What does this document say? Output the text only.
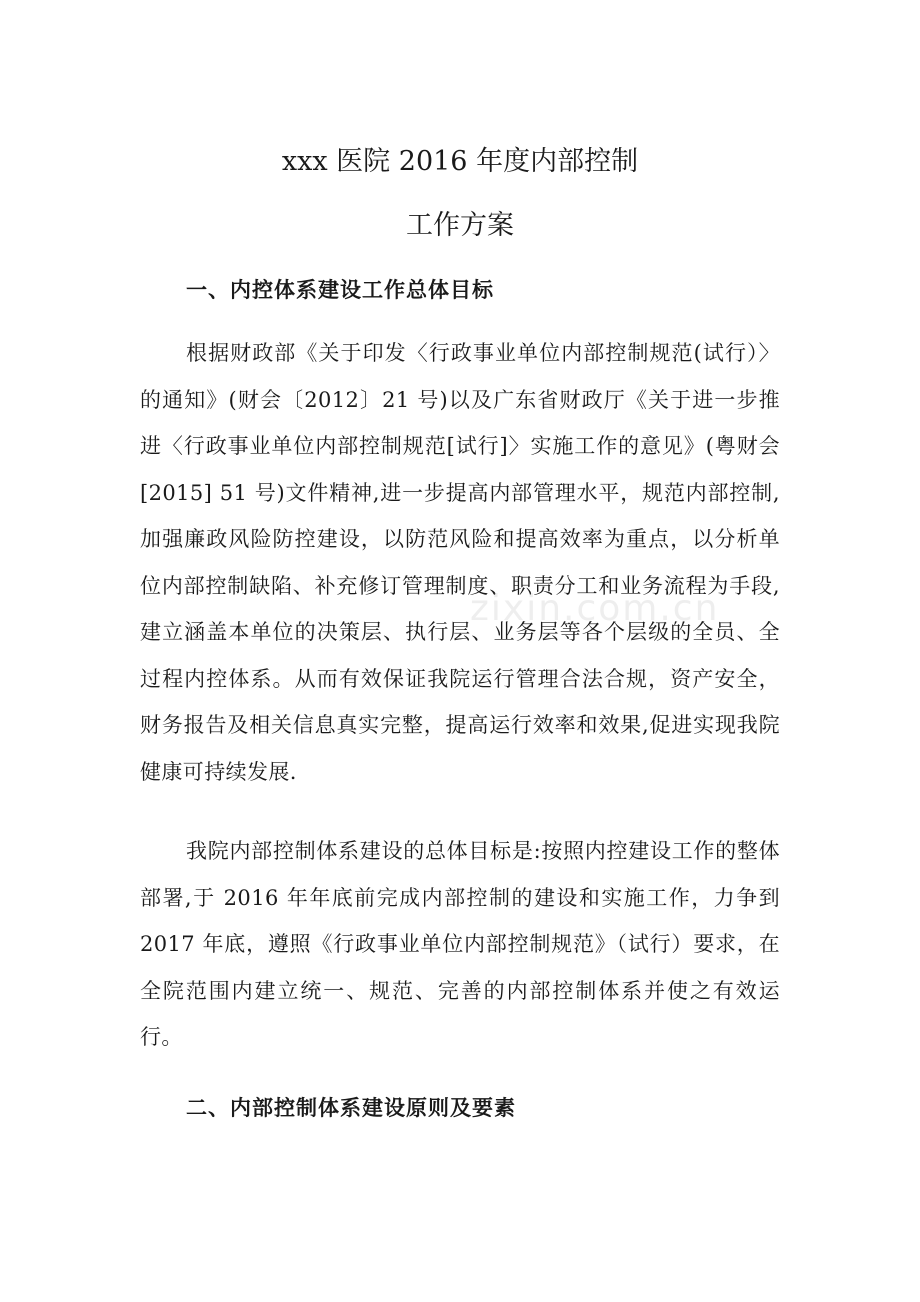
xxx 医院 2016 年度内部控制
工作方案
一、内控体系建设工作总体目标

根据财政部《关于印发〈行政事业单位内部控制规范(试行）〉的通知》(财会〔2012〕21 号)以及广东省财政厅《关于进一步推进〈行政事业单位内部控制规范[试行]〉实施工作的意见》(粤财会[2015] 51 号)文件精神,进一步提高内部管理水平，规范内部控制,加强廉政风险防控建设，以防范风险和提高效率为重点，以分析单位内部控制缺陷、补充修订管理制度、职责分工和业务流程为手段,建立涵盖本单位的决策层、执行层、业务层等各个层级的全员、全过程内控体系。从而有效保证我院运行管理合法合规，资产安全，财务报告及相关信息真实完整，提高运行效率和效果,促进实现我院健康可持续发展.

我院内部控制体系建设的总体目标是:按照内控建设工作的整体部署,于 2016 年年底前完成内部控制的建设和实施工作，力争到 2017 年底，遵照《行政事业单位内部控制规范》（试行）要求，在全院范围内建立统一、规范、完善的内部控制体系并使之有效运行。

二、内部控制体系建设原则及要素
zixin.com.cn
